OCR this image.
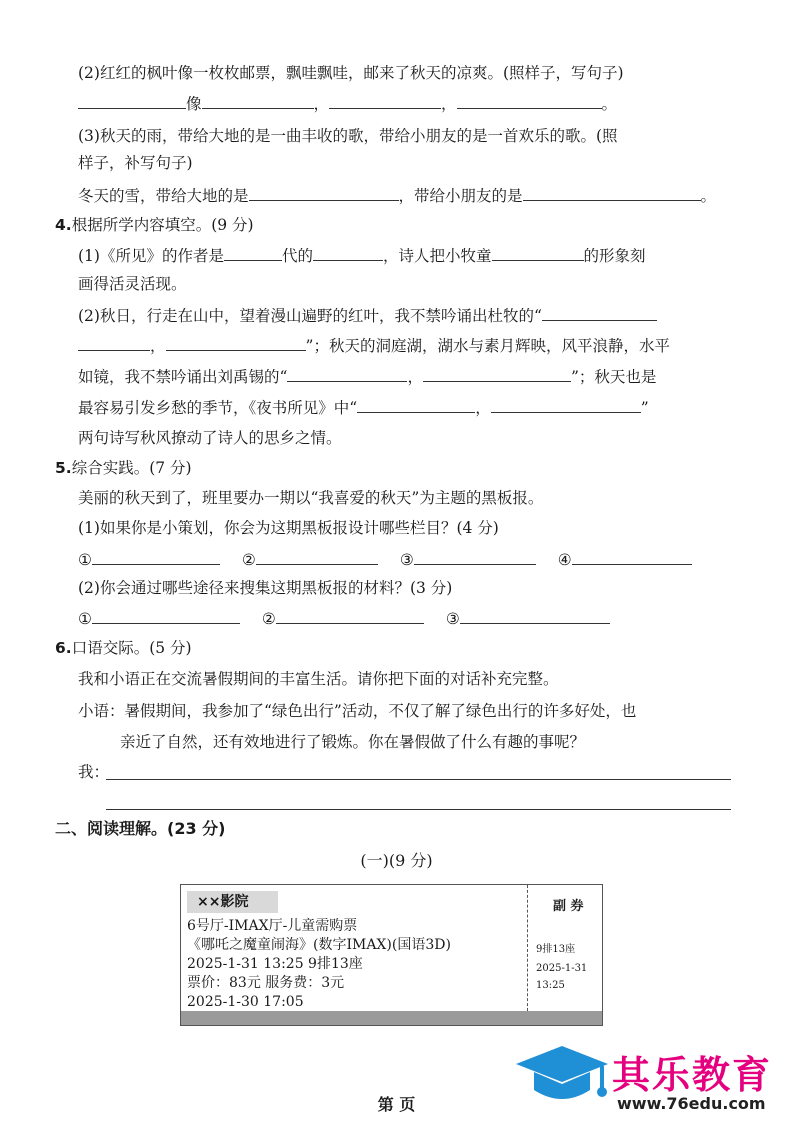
(2)红红的枫叶像一枚枚邮票，飘哇飘哇，邮来了秋天的凉爽。(照样子，写句子)
像	，	，	。
(3)秋天的雨，带给大地的是一曲丰收的歌，带给小朋友的是一首欢乐的歌。(照
样子，补写句子)
冬天的雪，带给大地的是	，带给小朋友的是	。
4.根据所学内容填空。(9 分)
(1)《所见》的作者是	代的	，诗人把小牧童	的形象刻
画得活灵活现。
(2)秋日，行走在山中，望着漫山遍野的红叶，我不禁吟诵出杜牧的“
，	”；秋天的洞庭湖，湖水与素月辉映，风平浪静，水平
如镜，我不禁吟诵出刘禹锡的“	，	”；秋天也是
最容易引发乡愁的季节，《夜书所见》中“	，	”
两句诗写秋风撩动了诗人的思乡之情。
5.综合实践。(7 分)
美丽的秋天到了，班里要办一期以“我喜爱的秋天”为主题的黑板报。
(1)如果你是小策划，你会为这期黑板报设计哪些栏目？(4 分)
①	②	③	④
(2)你会通过哪些途径来搜集这期黑板报的材料？(3 分)
①	②	③
6.口语交际。(5 分)
我和小语正在交流暑假期间的丰富生活。请你把下面的对话补充完整。
小语：暑假期间，我参加了“绿色出行”活动，不仅了解了绿色出行的许多好处，也
亲近了自然，还有效地进行了锻炼。你在暑假做了什么有趣的事呢？
我：
二、阅读理解。(23 分)
(一)(9 分)
××影院
6号厅-IMAX厅-儿童需购票
《哪吒之魔童闹海》(数字IMAX)(国语3D)
2025-1-31 13:25 9排13座
票价：83元 服务费：3元
2025-1-30 17:05
副 券
9排13座
2025-1-31
13:25
其乐教育
www.76edu.com
第 页
